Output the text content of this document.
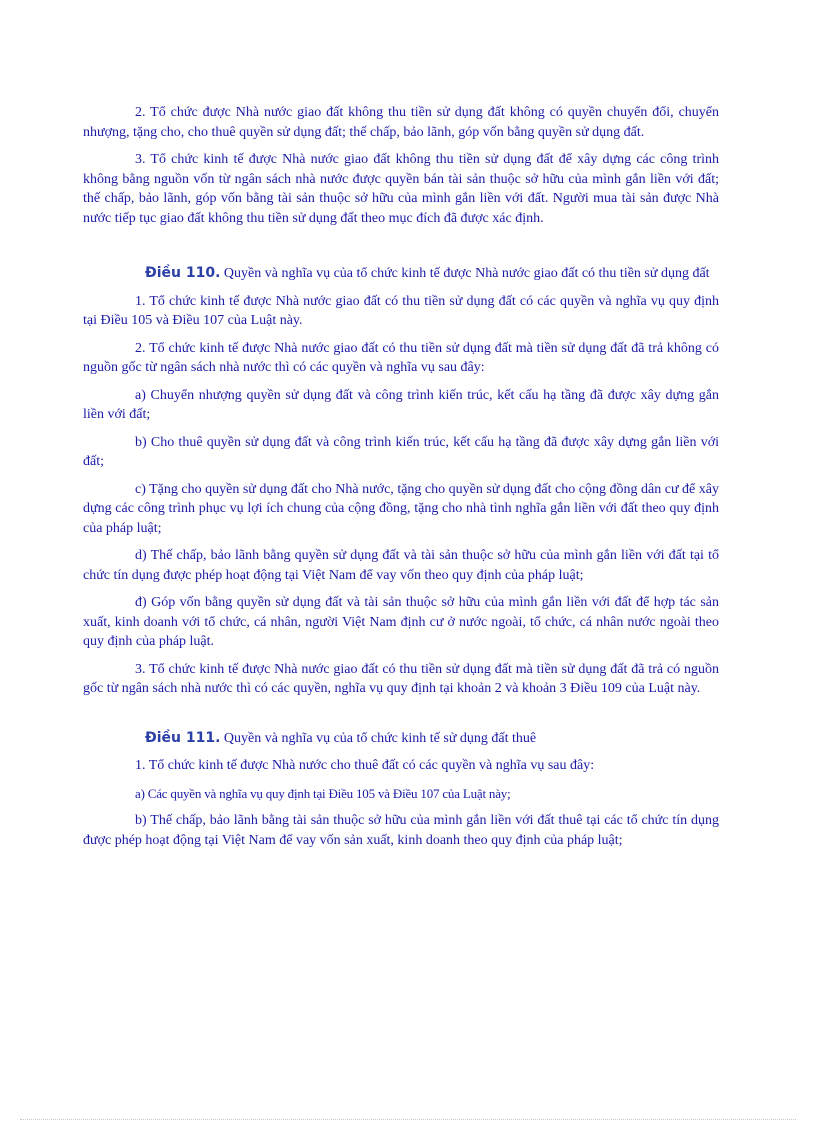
2. Tổ chức được Nhà nước giao đất không thu tiền sử dụng đất không có quyền chuyển đổi, chuyển nhượng, tặng cho, cho thuê quyền sử dụng đất; thế chấp, bảo lãnh, góp vốn bằng quyền sử dụng đất.

3. Tổ chức kinh tế được Nhà nước giao đất không thu tiền sử dụng đất để xây dựng các công trình không bằng nguồn vốn từ ngân sách nhà nước được quyền bán tài sản thuộc sở hữu của mình gắn liền với đất; thế chấp, bảo lãnh, góp vốn bằng tài sản thuộc sở hữu của mình gắn liền với đất. Người mua tài sản được Nhà nước tiếp tục giao đất không thu tiền sử dụng đất theo mục đích đã được xác định.

Điều 110. Quyền và nghĩa vụ của tổ chức kinh tế được Nhà nước giao đất có thu tiền sử dụng đất

1. Tổ chức kinh tế được Nhà nước giao đất có thu tiền sử dụng đất có các quyền và nghĩa vụ quy định tại Điều 105 và Điều 107 của Luật này.

2. Tổ chức kinh tế được Nhà nước giao đất có thu tiền sử dụng đất mà tiền sử dụng đất đã trả không có nguồn gốc từ ngân sách nhà nước thì có các quyền và nghĩa vụ sau đây:

a) Chuyển nhượng quyền sử dụng đất và công trình kiến trúc, kết cấu hạ tầng đã được xây dựng gắn liền với đất;

b) Cho thuê quyền sử dụng đất và công trình kiến trúc, kết cấu hạ tầng đã được xây dựng gắn liền với đất;

c) Tặng cho quyền sử dụng đất cho Nhà nước, tặng cho quyền sử dụng đất cho cộng đồng dân cư để xây dựng các công trình phục vụ lợi ích chung của cộng đồng, tặng cho nhà tình nghĩa gắn liền với đất theo quy định của pháp luật;

d) Thế chấp, bảo lãnh bằng quyền sử dụng đất và tài sản thuộc sở hữu của mình gắn liền với đất tại tổ chức tín dụng được phép hoạt động tại Việt Nam để vay vốn theo quy định của pháp luật;

đ) Góp vốn bằng quyền sử dụng đất và tài sản thuộc sở hữu của mình gắn liền với đất để hợp tác sản xuất, kinh doanh với tổ chức, cá nhân, người Việt Nam định cư ở nước ngoài, tổ chức, cá nhân nước ngoài theo quy định của pháp luật.

3. Tổ chức kinh tế được Nhà nước giao đất có thu tiền sử dụng đất mà tiền sử dụng đất đã trả có nguồn gốc từ ngân sách nhà nước thì có các quyền, nghĩa vụ quy định tại khoản 2 và khoản 3 Điều 109 của Luật này.

Điều 111. Quyền và nghĩa vụ của tổ chức kinh tế sử dụng đất thuê

1. Tổ chức kinh tế được Nhà nước cho thuê đất có các quyền và nghĩa vụ sau đây:

a) Các quyền và nghĩa vụ quy định tại Điều 105 và Điều 107 của Luật này;

b) Thế chấp, bảo lãnh bằng tài sản thuộc sở hữu của mình gắn liền với đất thuê tại các tổ chức tín dụng được phép hoạt động tại Việt Nam để vay vốn sản xuất, kinh doanh theo quy định của pháp luật;
